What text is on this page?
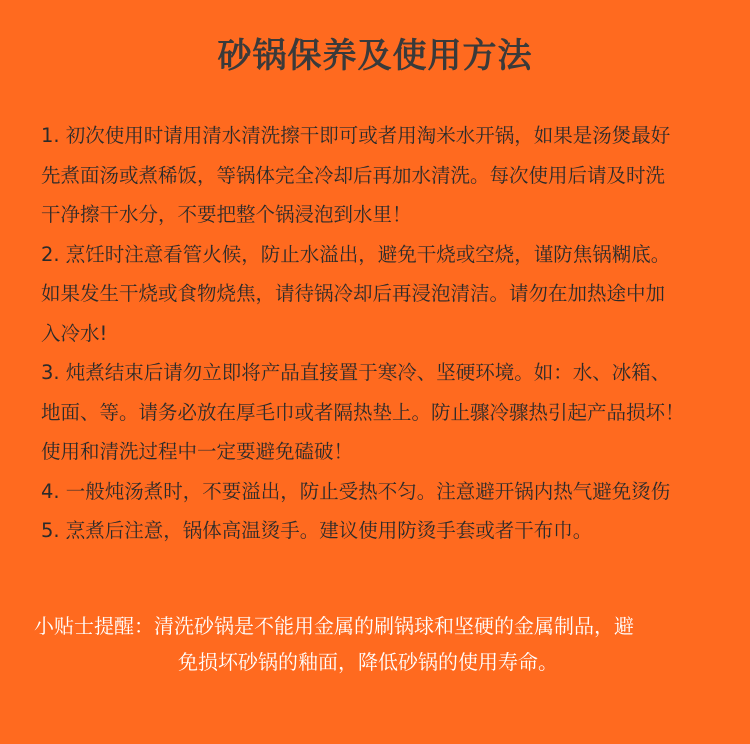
砂锅保养及使用方法
1. 初次使用时请用清水清洗擦干即可或者用淘米水开锅，如果是汤煲最好
先煮面汤或煮稀饭，等锅体完全冷却后再加水清洗。每次使用后请及时洗
干净擦干水分，不要把整个锅浸泡到水里！
2. 烹饪时注意看管火候，防止水溢出，避免干烧或空烧，谨防焦锅糊底。
如果发生干烧或食物烧焦，请待锅冷却后再浸泡清洁。请勿在加热途中加
入冷水!
3. 炖煮结束后请勿立即将产品直接置于寒冷、坚硬环境。如：水、冰箱、
地面、等。请务必放在厚毛巾或者隔热垫上。防止骤冷骤热引起产品损坏！
使用和清洗过程中一定要避免磕破！
4. 一般炖汤煮时，不要溢出，防止受热不匀。注意避开锅内热气避免烫伤
5. 烹煮后注意，锅体高温烫手。建议使用防烫手套或者干布巾。
小贴士提醒：清洗砂锅是不能用金属的刷锅球和坚硬的金属制品，避
免损坏砂锅的釉面，降低砂锅的使用寿命。
